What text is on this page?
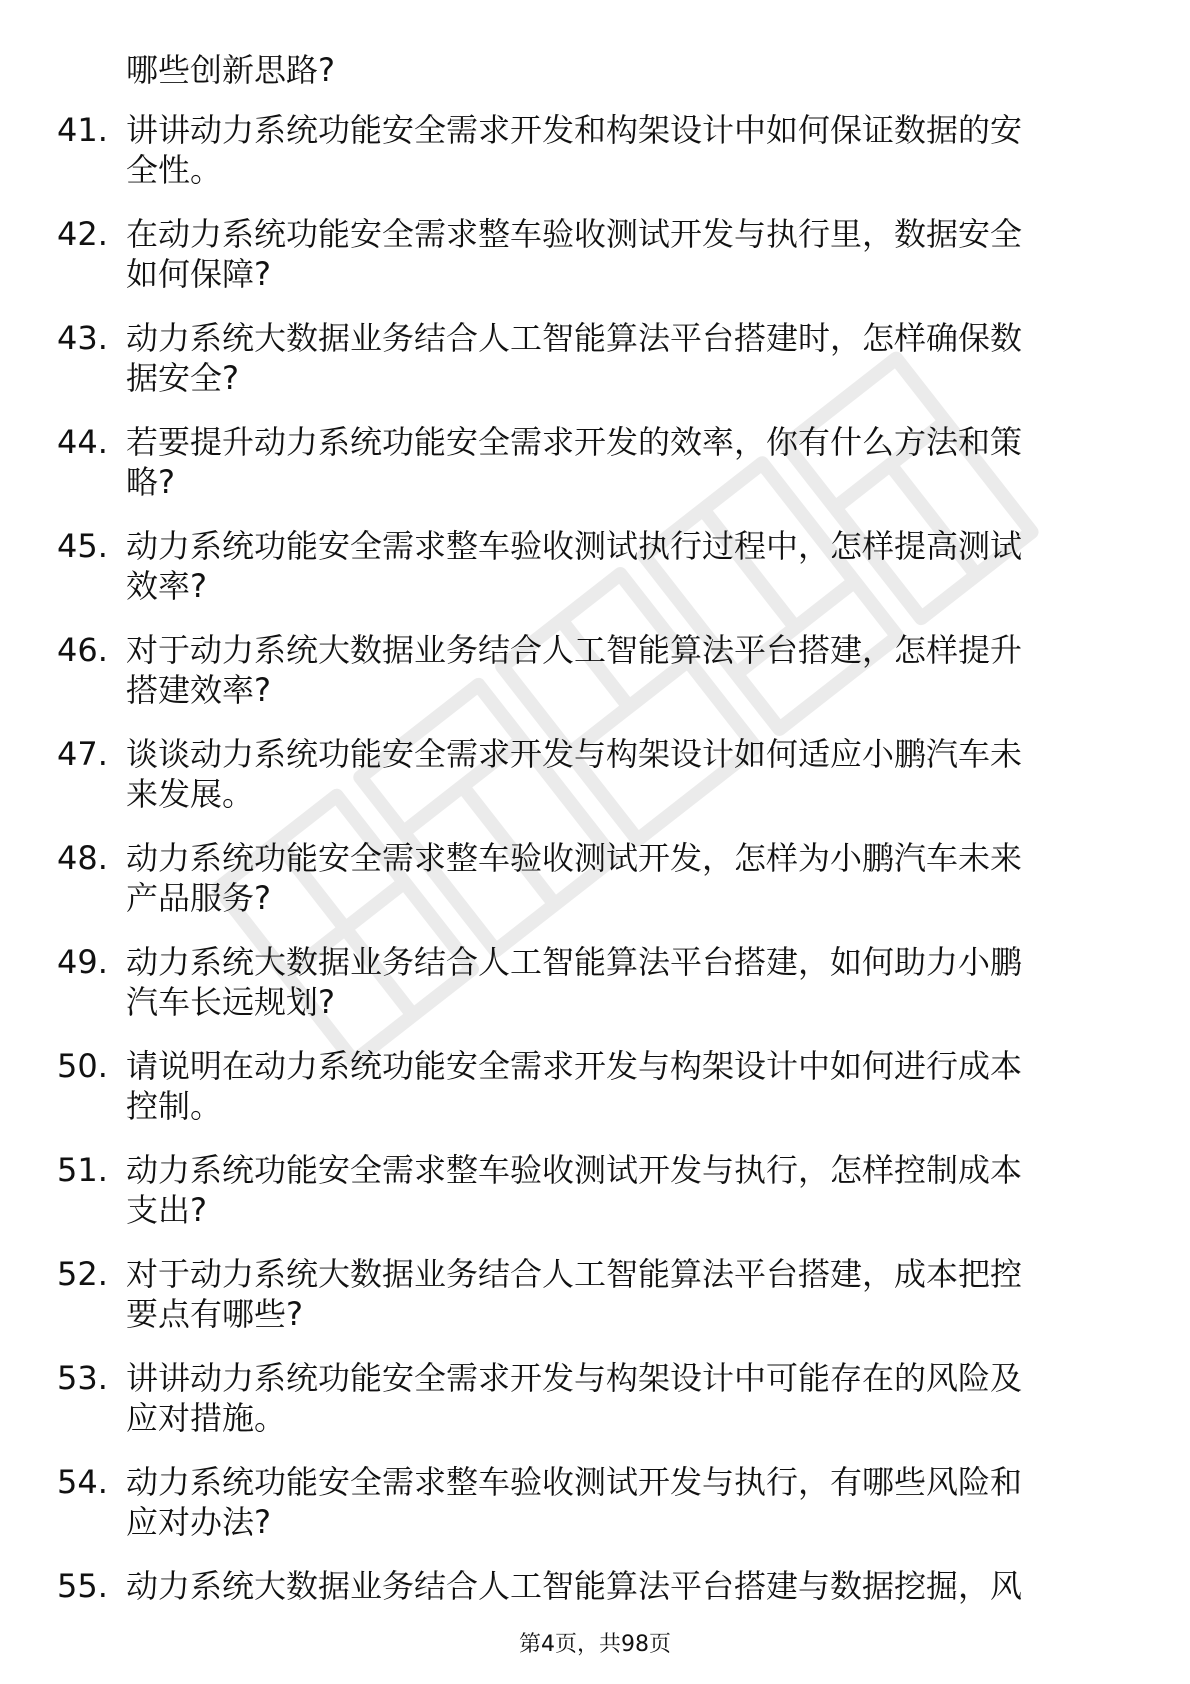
哪些创新思路?
41. 讲讲动力系统功能安全需求开发和构架设计中如何保证数据的安
全性。
42. 在动力系统功能安全需求整车验收测试开发与执行里，数据安全
如何保障?
43. 动力系统大数据业务结合人工智能算法平台搭建时，怎样确保数
据安全?
44. 若要提升动力系统功能安全需求开发的效率，你有什么方法和策
略?
45. 动力系统功能安全需求整车验收测试执行过程中，怎样提高测试
效率?
46. 对于动力系统大数据业务结合人工智能算法平台搭建，怎样提升
搭建效率?
47. 谈谈动力系统功能安全需求开发与构架设计如何适应小鹏汽车未
来发展。
48. 动力系统功能安全需求整车验收测试开发，怎样为小鹏汽车未来
产品服务?
49. 动力系统大数据业务结合人工智能算法平台搭建，如何助力小鹏
汽车长远规划?
50. 请说明在动力系统功能安全需求开发与构架设计中如何进行成本
控制。
51. 动力系统功能安全需求整车验收测试开发与执行，怎样控制成本
支出?
52. 对于动力系统大数据业务结合人工智能算法平台搭建，成本把控
要点有哪些?
53. 讲讲动力系统功能安全需求开发与构架设计中可能存在的风险及
应对措施。
54. 动力系统功能安全需求整车验收测试开发与执行，有哪些风险和
应对办法?
55. 动力系统大数据业务结合人工智能算法平台搭建与数据挖掘，风
第4页，共98页
